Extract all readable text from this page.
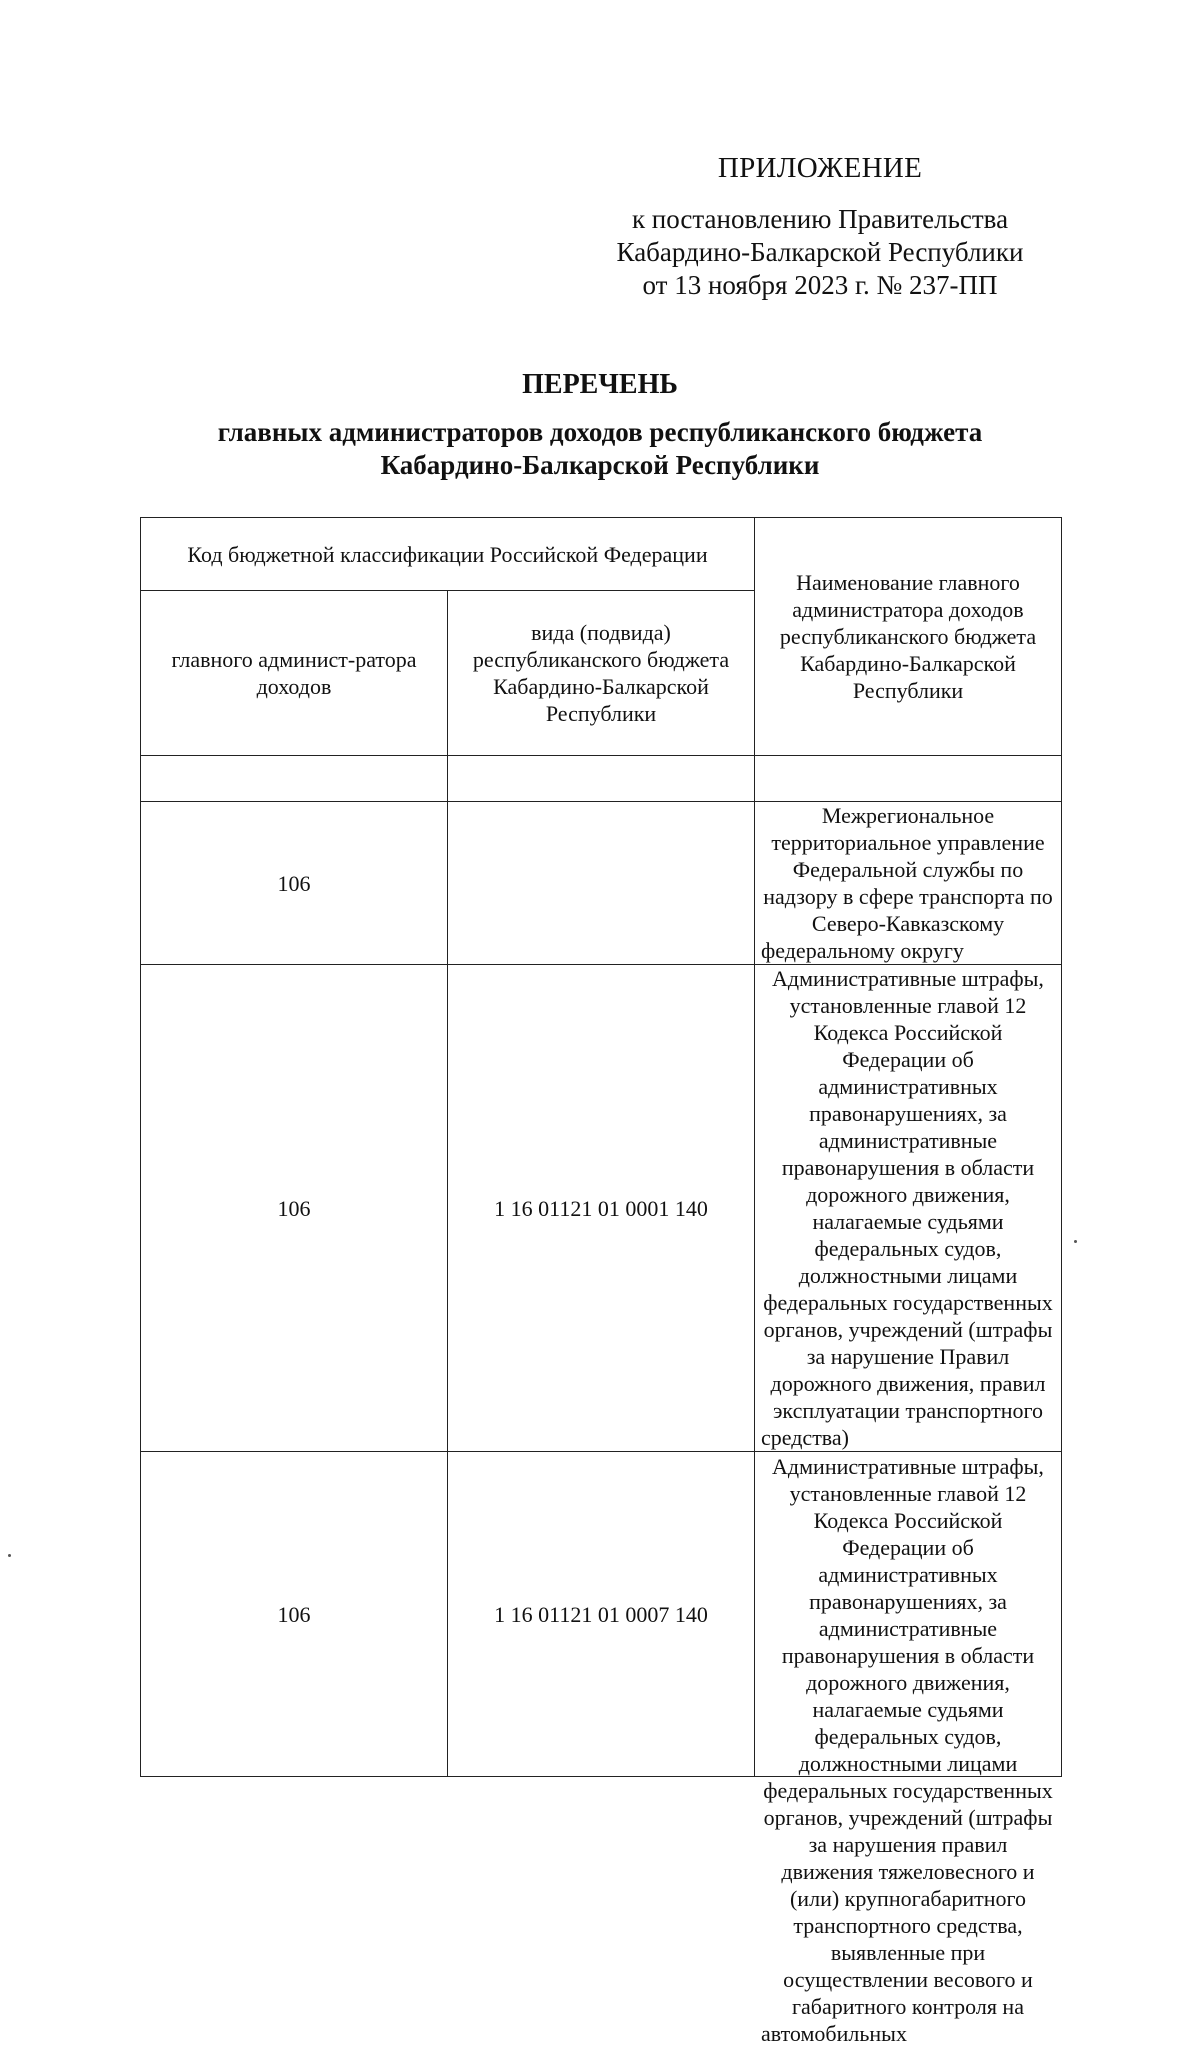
ПРИЛОЖЕНИЕ
к постановлению Правительства
Кабардино-Балкарской Республики
от 13 ноября 2023 г. № 237-ПП
ПЕРЕЧЕНЬ
главных администраторов доходов республиканского бюджета
Кабардино-Балкарской Республики
Код бюджетной классификации Российской Федерации		Наименование главного администратора доходов республиканского бюджета Кабардино-Балкарской Республики
главного админист-ратора доходов	вида (подвида) республиканского бюджета Кабардино-Балкарской Республики	

106		Межрегиональное территориальное управление Федеральной службы по надзору в сфере транспорта по Северо-Кавказскому федеральному округу
106	1 16 01121 01 0001 140	Административные штрафы, установленные главой 12 Кодекса Российской Федерации об административных правонарушениях, за административные правонарушения в области дорожного движения, налагаемые судьями федеральных судов, должностными лицами федеральных государственных органов, учреждений (штрафы за нарушение Правил дорожного движения, правил эксплуатации транспортного средства)
106	1 16 01121 01 0007 140	Административные штрафы, установленные главой 12 Кодекса Российской Федерации об административных правонарушениях, за административные правонарушения в области дорожного движения, налагаемые судьями федеральных судов, должностными лицами федеральных государственных органов, учреждений (штрафы за нарушения правил движения тяжеловесного и (или) крупногабаритного транспортного средства, выявленные при осуществлении весового и габаритного контроля на автомобильных
